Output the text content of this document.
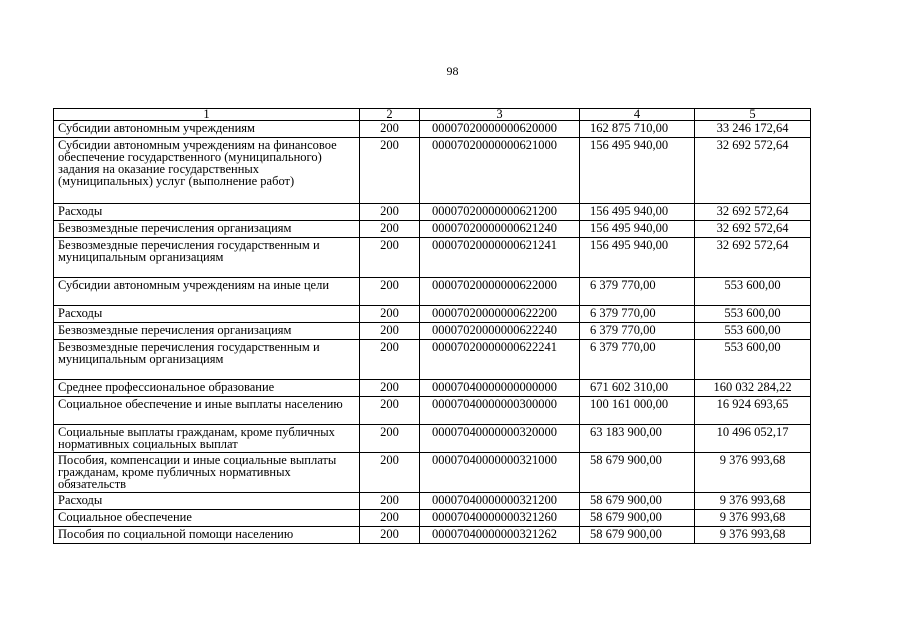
98
1	2	3	4	5
Субсидии автономным учреждениям	200	00007020000000620000	162 875 710,00	33 246 172,64
Субсидии автономным учреждениям на финансовое обеспечение государственного (муниципального) задания на оказание государственных (муниципальных) услуг (выполнение работ)	200	00007020000000621000	156 495 940,00	32 692 572,64
Расходы	200	00007020000000621200	156 495 940,00	32 692 572,64
Безвозмездные перечисления организациям	200	00007020000000621240	156 495 940,00	32 692 572,64
Безвозмездные перечисления государственным и муниципальным организациям	200	00007020000000621241	156 495 940,00	32 692 572,64
Субсидии автономным учреждениям на иные цели	200	00007020000000622000	6 379 770,00	553 600,00
Расходы	200	00007020000000622200	6 379 770,00	553 600,00
Безвозмездные перечисления организациям	200	00007020000000622240	6 379 770,00	553 600,00
Безвозмездные перечисления государственным и муниципальным организациям	200	00007020000000622241	6 379 770,00	553 600,00
Среднее профессиональное образование	200	00007040000000000000	671 602 310,00	160 032 284,22
Социальное обеспечение и иные выплаты населению	200	00007040000000300000	100 161 000,00	16 924 693,65
Социальные выплаты гражданам, кроме публичных нормативных социальных выплат	200	00007040000000320000	63 183 900,00	10 496 052,17
Пособия, компенсации и иные социальные выплаты гражданам, кроме публичных нормативных обязательств	200	00007040000000321000	58 679 900,00	9 376 993,68
Расходы	200	00007040000000321200	58 679 900,00	9 376 993,68
Социальное обеспечение	200	00007040000000321260	58 679 900,00	9 376 993,68
Пособия по социальной помощи населению	200	00007040000000321262	58 679 900,00	9 376 993,68
